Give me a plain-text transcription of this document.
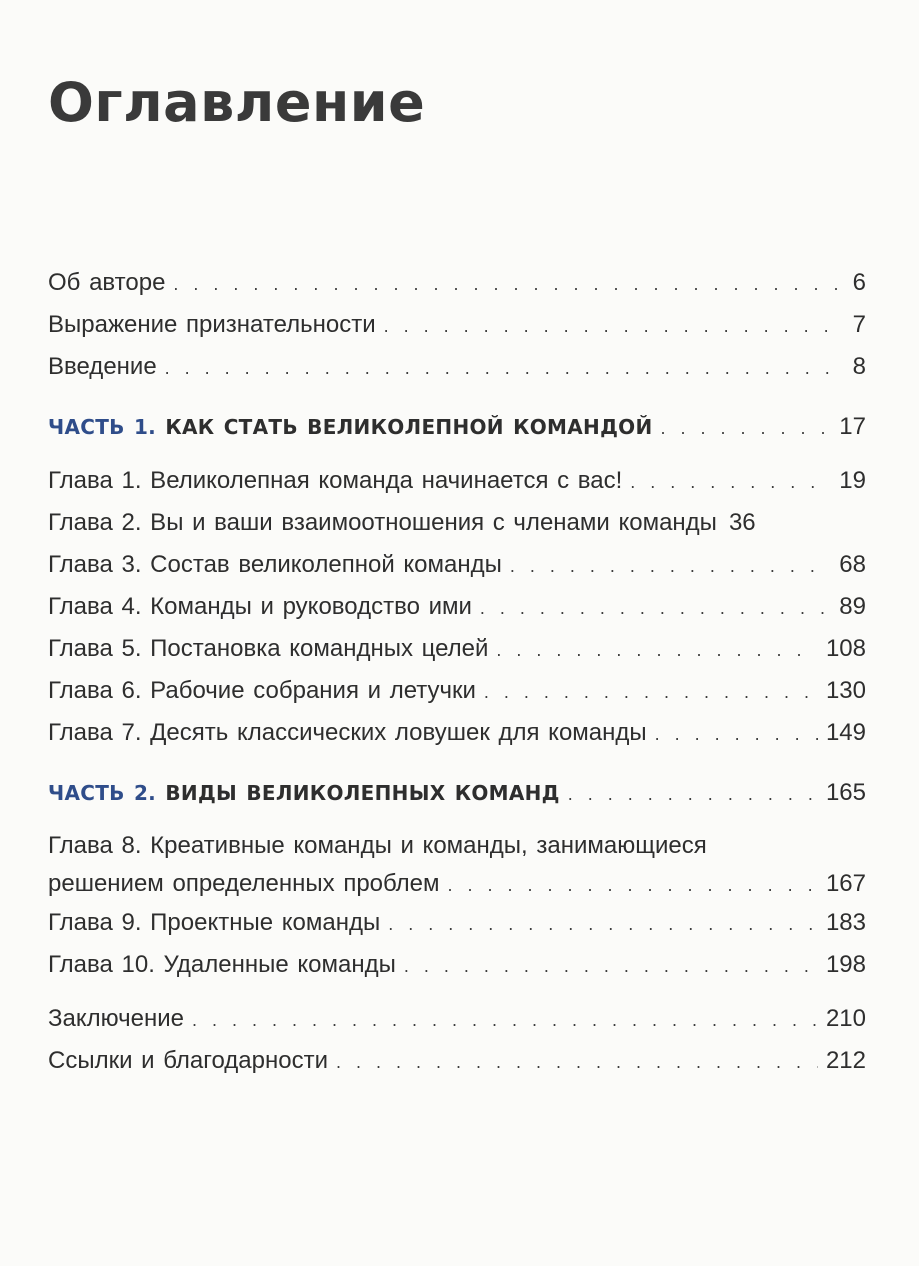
Оглавление
Об авторе . . .	6
Выражение признательности . . .	7
Введение . . .	8
ЧАСТЬ 1. КАК СТАТЬ ВЕЛИКОЛЕПНОЙ КОМАНДОЙ . . .	17
Глава 1. Великолепная команда начинается с вас! . . .	19
Глава 2. Вы и ваши взаимоотношения с членами команды 36
Глава 3. Состав великолепной команды . . .	68
Глава 4. Команды и руководство ими . . .	89
Глава 5. Постановка командных целей . . .	108
Глава 6. Рабочие собрания и летучки . . .	130
Глава 7. Десять классических ловушек для команды . . .	149
ЧАСТЬ 2. ВИДЫ ВЕЛИКОЛЕПНЫХ КОМАНД . . .	165
Глава 8. Креативные команды и команды, занимающиеся
решением определенных проблем . . .	167
Глава 9. Проектные команды . . .	183
Глава 10. Удаленные команды . . .	198
Заключение . . .	210
Ссылки и благодарности . . .	212
